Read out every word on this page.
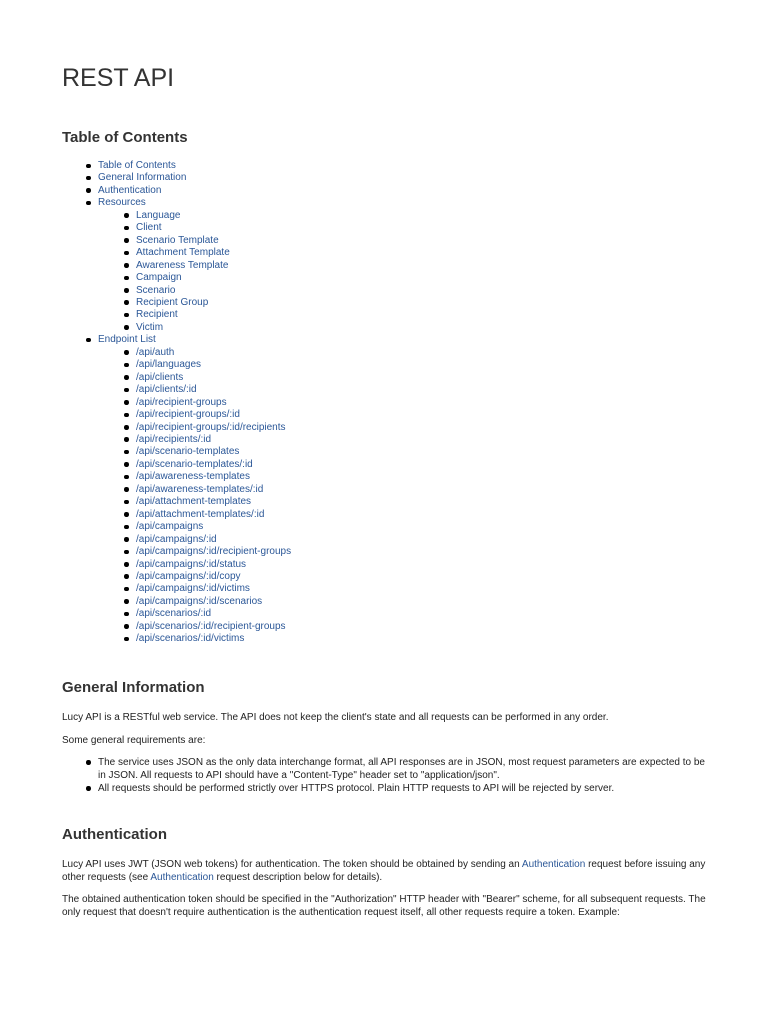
REST API
Table of Contents
Table of Contents
General Information
Authentication
Resources
Language
Client
Scenario Template
Attachment Template
Awareness Template
Campaign
Scenario
Recipient Group
Recipient
Victim
Endpoint List
/api/auth
/api/languages
/api/clients
/api/clients/:id
/api/recipient-groups
/api/recipient-groups/:id
/api/recipient-groups/:id/recipients
/api/recipients/:id
/api/scenario-templates
/api/scenario-templates/:id
/api/awareness-templates
/api/awareness-templates/:id
/api/attachment-templates
/api/attachment-templates/:id
/api/campaigns
/api/campaigns/:id
/api/campaigns/:id/recipient-groups
/api/campaigns/:id/status
/api/campaigns/:id/copy
/api/campaigns/:id/victims
/api/campaigns/:id/scenarios
/api/scenarios/:id
/api/scenarios/:id/recipient-groups
/api/scenarios/:id/victims
General Information

Lucy API is a RESTful web service. The API does not keep the client's state and all requests can be performed in any order.

Some general requirements are:

The service uses JSON as the only data interchange format, all API responses are in JSON, most request parameters are expected to be in JSON. All requests to API should have a "Content-Type" header set to "application/json".
All requests should be performed strictly over HTTPS protocol. Plain HTTP requests to API will be rejected by server.
Authentication

Lucy API uses JWT (JSON web tokens) for authentication. The token should be obtained by sending an Authentication request before issuing any other requests (see Authentication request description below for details).

The obtained authentication token should be specified in the "Authorization" HTTP header with "Bearer" scheme, for all subsequent requests. The only request that doesn't require authentication is the authentication request itself, all other requests require a token. Example:
